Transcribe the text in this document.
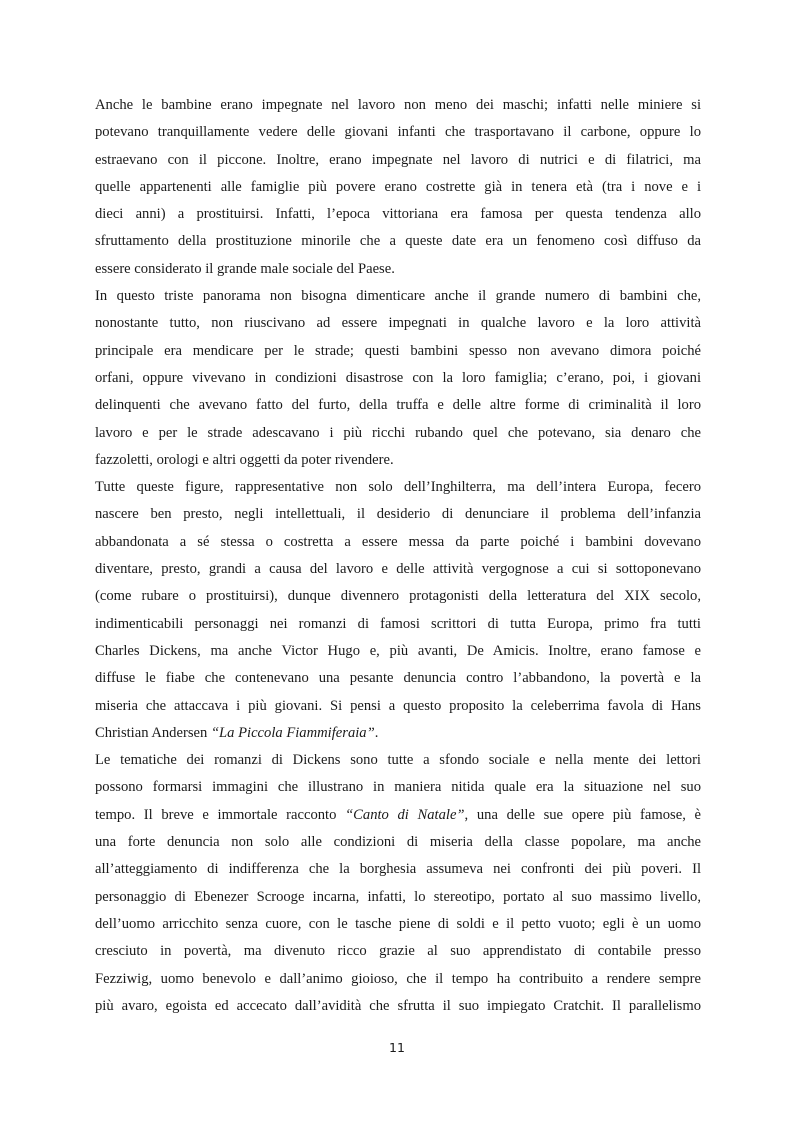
Anche le bambine erano impegnate nel lavoro non meno dei maschi; infatti nelle miniere si
potevano tranquillamente vedere delle giovani infanti che trasportavano il carbone, oppure lo
estraevano con il piccone. Inoltre, erano impegnate nel lavoro di nutrici e di filatrici, ma
quelle appartenenti alle famiglie più povere erano costrette già in tenera età (tra i nove e i
dieci anni) a prostituirsi. Infatti, l’epoca vittoriana era famosa per questa tendenza allo
sfruttamento della prostituzione minorile che a queste date era un fenomeno così diffuso da
essere considerato il grande male sociale del Paese.
In questo triste panorama non bisogna dimenticare anche il grande numero di bambini che,
nonostante tutto, non riuscivano ad essere impegnati in qualche lavoro e la loro attività
principale era mendicare per le strade; questi bambini spesso non avevano dimora poiché
orfani, oppure vivevano in condizioni disastrose con la loro famiglia; c’erano, poi, i giovani
delinquenti che avevano fatto del furto, della truffa e delle altre forme di criminalità il loro
lavoro e per le strade adescavano i più ricchi rubando quel che potevano, sia denaro che
fazzoletti, orologi e altri oggetti da poter rivendere.
Tutte queste figure, rappresentative non solo dell’Inghilterra, ma dell’intera Europa, fecero
nascere ben presto, negli intellettuali, il desiderio di denunciare il problema dell’infanzia
abbandonata a sé stessa o costretta a essere messa da parte poiché i bambini dovevano
diventare, presto, grandi a causa del lavoro e delle attività vergognose a cui si sottoponevano
(come rubare o prostituirsi), dunque divennero protagonisti della letteratura del XIX secolo,
indimenticabili personaggi nei romanzi di famosi scrittori di tutta Europa, primo fra tutti
Charles Dickens, ma anche Victor Hugo e, più avanti, De Amicis. Inoltre, erano famose e
diffuse le fiabe che contenevano una pesante denuncia contro l’abbandono, la povertà e la
miseria che attaccava i più giovani. Si pensi a questo proposito la celeberrima favola di Hans
Christian Andersen “La Piccola Fiammiferaia”.
Le tematiche dei romanzi di Dickens sono tutte a sfondo sociale e nella mente dei lettori
possono formarsi immagini che illustrano in maniera nitida quale era la situazione nel suo
tempo. Il breve e immortale racconto “Canto di Natale”, una delle sue opere più famose, è
una forte denuncia non solo alle condizioni di miseria della classe popolare, ma anche
all’atteggiamento di indifferenza che la borghesia assumeva nei confronti dei più poveri. Il
personaggio di Ebenezer Scrooge incarna, infatti, lo stereotipo, portato al suo massimo livello,
dell’uomo arricchito senza cuore, con le tasche piene di soldi e il petto vuoto; egli è un uomo
cresciuto in povertà, ma divenuto ricco grazie al suo apprendistato di contabile presso
Fezziwig, uomo benevolo e dall’animo gioioso, che il tempo ha contribuito a rendere sempre
più avaro, egoista ed accecato dall’avidità che sfrutta il suo impiegato Cratchit. Il parallelismo
11
